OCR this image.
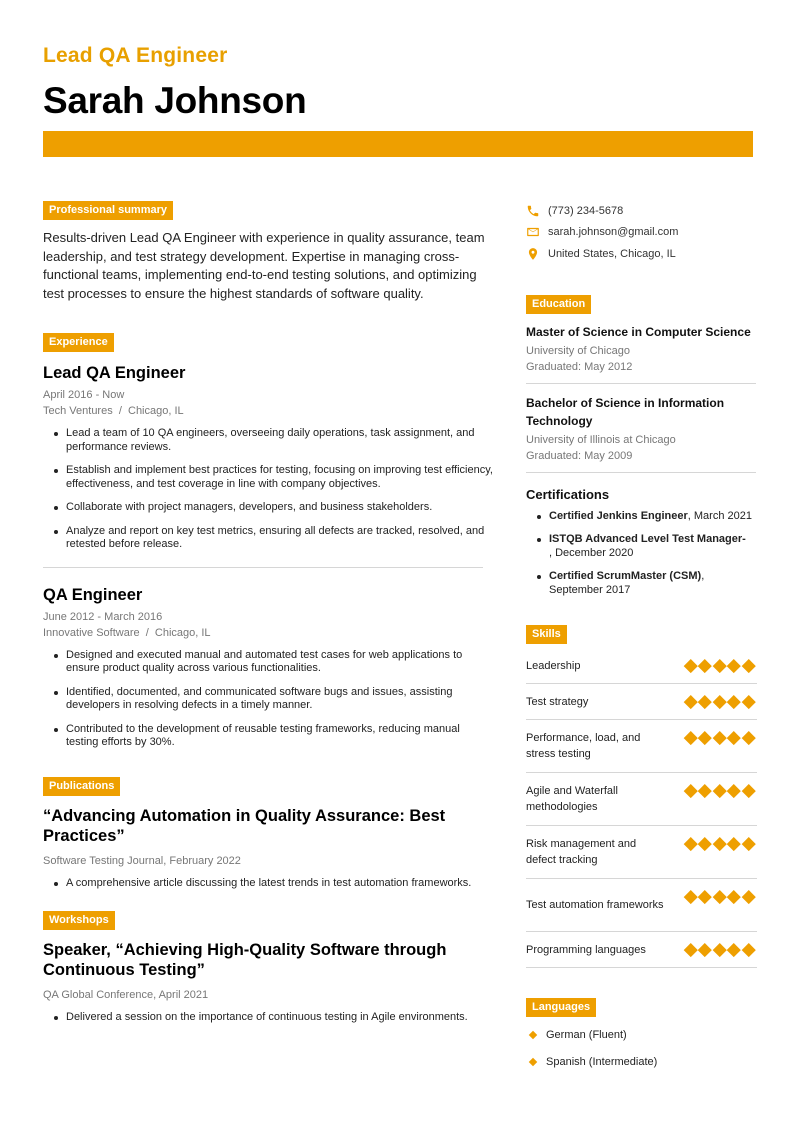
Lead QA Engineer
Sarah Johnson
Professional summary

Results-driven Lead QA Engineer with experience in quality assurance, team leadership, and test strategy development. Expertise in managing cross-functional teams, implementing end-to-end testing solutions, and optimizing test processes to ensure the highest standards of software quality.

Experience
Lead QA Engineer
April 2016 - Now
Tech Ventures  /  Chicago, IL
Lead a team of 10 QA engineers, overseeing daily operations, task assignment, and performance reviews.
Establish and implement best practices for testing, focusing on improving test efficiency, effectiveness, and test coverage in line with company objectives.
Collaborate with project managers, developers, and business stakeholders.
Analyze and report on key test metrics, ensuring all defects are tracked, resolved, and retested before release.
QA Engineer
June 2012 - March 2016
Innovative Software  /  Chicago, IL
Designed and executed manual and automated test cases for web applications to ensure product quality across various functionalities.
Identified, documented, and communicated software bugs and issues, assisting developers in resolving defects in a timely manner.
Contributed to the development of reusable testing frameworks, reducing manual testing efforts by 30%.
Publications
“Advancing Automation in Quality Assurance: Best Practices”
Software Testing Journal, February 2022
A comprehensive article discussing the latest trends in test automation frameworks.
Workshops
Speaker, “Achieving High-Quality Software through Continuous Testing”
QA Global Conference, April 2021
Delivered a session on the importance of continuous testing in Agile environments.
(773) 234-5678
sarah.johnson@gmail.com
United States, Chicago, IL
Education
Master of Science in Computer Science
University of Chicago
Graduated: May 2012
Bachelor of Science in Information Technology
University of Illinois at Chicago
Graduated: May 2009
Certifications
Certified Jenkins Engineer, March 2021
ISTQB Advanced Level Test Manager-
, December 2020
Certified ScrumMaster (CSM), September 2017
Skills
Leadership
Test strategy
Performance, load, and stress testing
Agile and Waterfall methodologies
Risk management and defect tracking
Test automation frameworks
Programming languages
Languages
German (Fluent)
Spanish (Intermediate)
